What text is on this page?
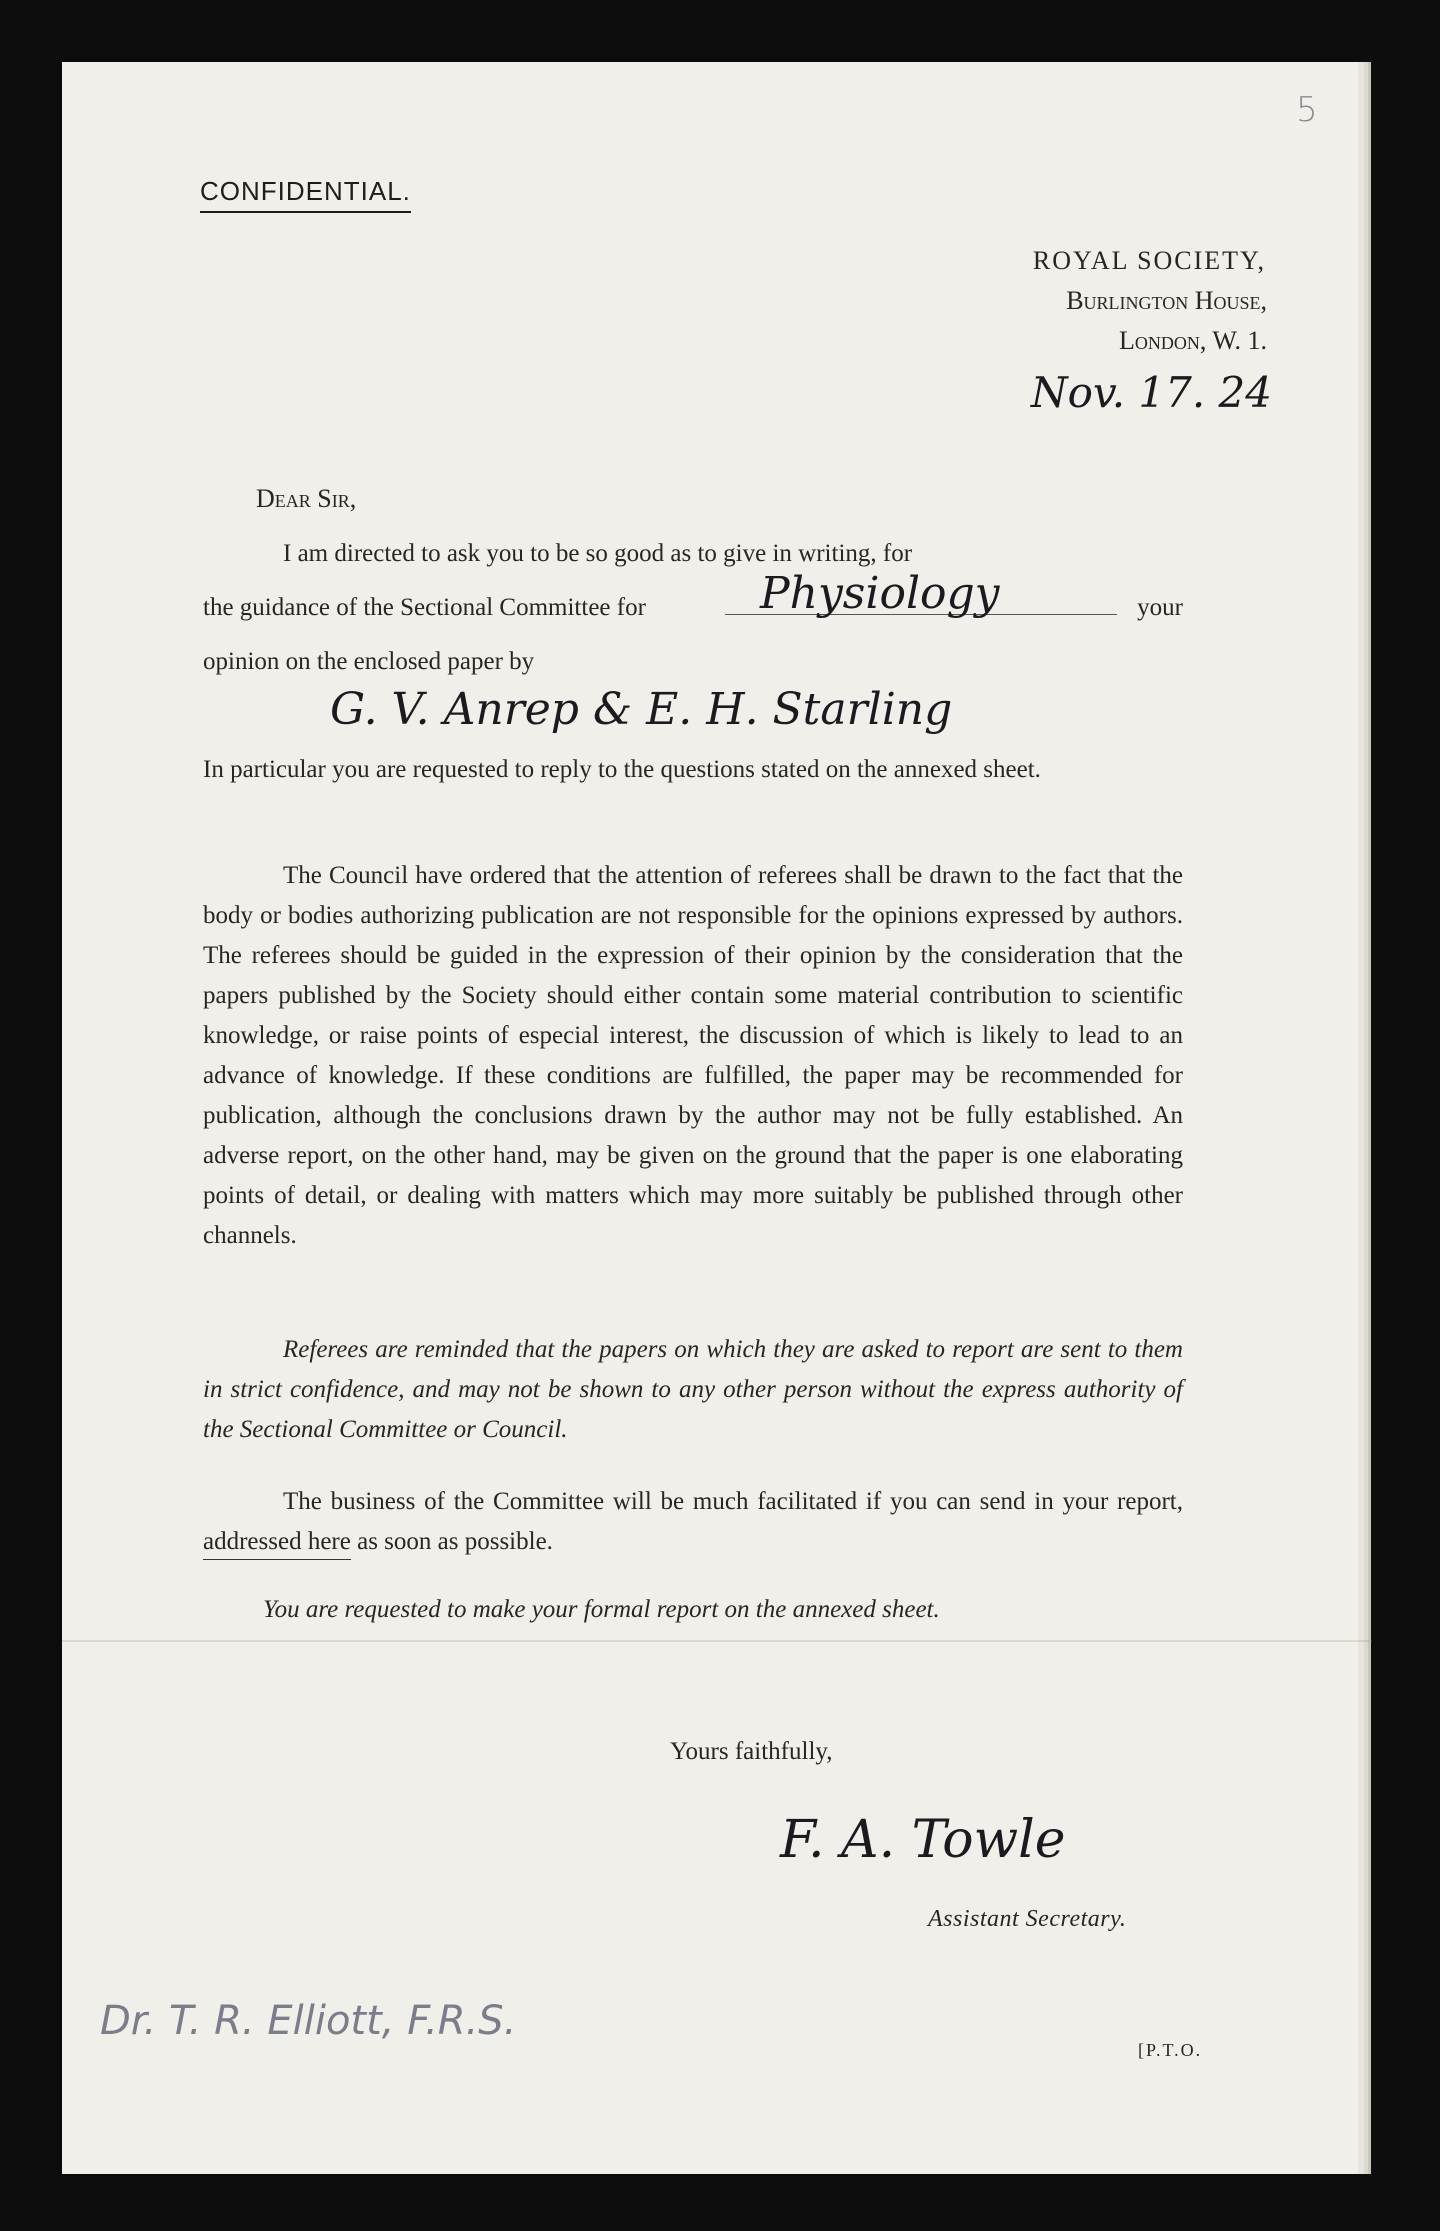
5
CONFIDENTIAL.
ROYAL SOCIETY,
Burlington House,
London, W. 1.
Nov. 17. 24
Dear Sir,

I am directed to ask you to be so good as to give in writing, for

the guidance of the Sectional Committee for	your

Physiology

opinion on the enclosed paper by

G. V. Anrep & E. H. Starling

In particular you are requested to reply to the questions stated on the annexed sheet.

The Council have ordered that the attention of referees shall be drawn to the fact that the body or bodies authorizing publication are not responsible for the opinions expressed by authors. The referees should be guided in the expression of their opinion by the consideration that the papers published by the Society should either contain some material contribution to scientific knowledge, or raise points of especial interest, the discussion of which is likely to lead to an advance of knowledge. If these conditions are fulfilled, the paper may be recommended for publication, although the conclusions drawn by the author may not be fully established. An adverse report, on the other hand, may be given on the ground that the paper is one elaborating points of detail, or dealing with matters which may more suitably be published through other channels.

Referees are reminded that the papers on which they are asked to report are sent to them in strict confidence, and may not be shown to any other person without the express authority of the Sectional Committee or Council.

The business of the Committee will be much facilitated if you can send in your report, addressed here as soon as possible.

You are requested to make your formal report on the annexed sheet.
Yours faithfully,
F. A. Towle
Assistant Secretary.
Dr. T. R. Elliott, F.R.S.
[P.T.O.
